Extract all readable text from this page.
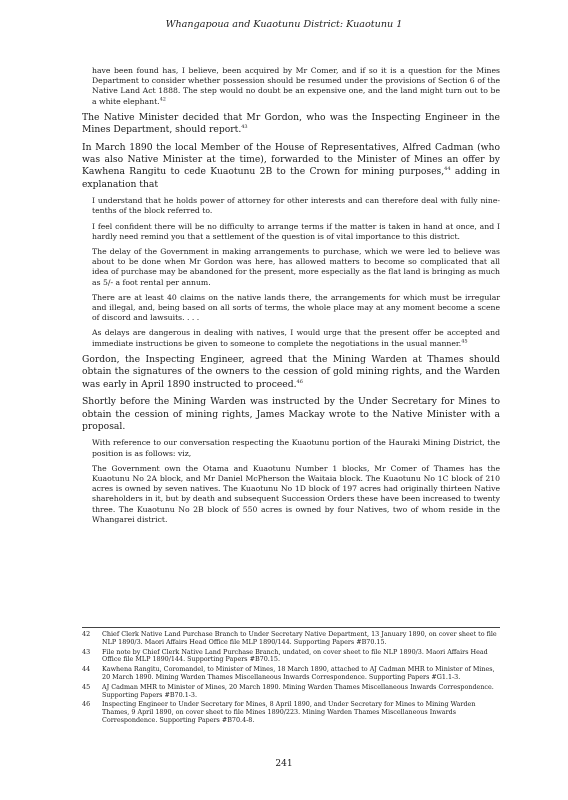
Whangapoua and Kuaotunu District: Kuaotunu 1

have been found has, I believe, been acquired by Mr Comer, and if so it is a question for the Mines Department to consider whether possession should be resumed under the provisions of Section 6 of the Native Land Act 1888. The step would no doubt be an expensive one, and the land might turn out to be a white elephant.$^{42}$

The Native Minister decided that Mr Gordon, who was the Inspecting Engineer in the Mines Department, should report.$^{43}$

In March 1890 the local Member of the House of Representatives, Alfred Cadman (who was also Native Minister at the time), forwarded to the Minister of Mines an offer by Kawhena Rangitu to cede Kuaotunu 2B to the Crown for mining purposes,$^{44}$ adding in explanation that

I understand that he holds power of attorney for other interests and can therefore deal with fully nine-tenths of the block referred to.

I feel confident there will be no difficulty to arrange terms if the matter is taken in hand at once, and I hardly need remind you that a settlement of the question is of vital importance to this district.

The delay of the Government in making arrangements to purchase, which we were led to believe was about to be done when Mr Gordon was here, has allowed matters to become so complicated that all idea of purchase may be abandoned for the present, more especially as the flat land is bringing as much as 5/- a foot rental per annum.

There are at least 40 claims on the native lands there, the arrangements for which must be irregular and illegal, and, being based on all sorts of terms, the whole place may at any moment become a scene of discord and lawsuits. . . .

As delays are dangerous in dealing with natives, I would urge that the present offer be accepted and immediate instructions be given to someone to complete the negotiations in the usual manner.$^{45}$

Gordon, the Inspecting Engineer, agreed that the Mining Warden at Thames should obtain the signatures of the owners to the cession of gold mining rights, and the Warden was early in April 1890 instructed to proceed.$^{46}$

Shortly before the Mining Warden was instructed by the Under Secretary for Mines to obtain the cession of mining rights, James Mackay wrote to the Native Minister with a proposal.

With reference to our conversation respecting the Kuaotunu portion of the Hauraki Mining District, the position is as follows: viz,

The Government own the Otama and Kuaotunu Number 1 blocks, Mr Comer of Thames has the Kuaotunu No 2A block, and Mr Daniel McPherson the Waitaia block. The Kuaotunu No 1C block of 210 acres is owned by seven natives. The Kuaotunu No 1D block of 197 acres had originally thirteen Native shareholders in it, but by death and subsequent Succession Orders these have been increased to twenty three. The Kuaotunu No 2B block of 550 acres is owned by four Natives, two of whom reside in the Whangarei district.

42	Chief Clerk Native Land Purchase Branch to Under Secretary Native Department, 13 January 1890, on cover sheet to file NLP 1890/3. Maori Affairs Head Office file MLP 1890/144. Supporting Papers #B70.15.
43	File note by Chief Clerk Native Land Purchase Branch, undated, on cover sheet to file NLP 1890/3. Maori Affairs Head Office file MLP 1890/144. Supporting Papers #B70.15.
44	Kawhena Rangitu, Coromandel, to Minister of Mines, 18 March 1890, attached to AJ Cadman MHR to Minister of Mines, 20 March 1890. Mining Warden Thames Miscellaneous Inwards Correspondence. Supporting Papers #G1.1-3.
45	AJ Cadman MHR to Minister of Mines, 20 March 1890. Mining Warden Thames Miscellaneous Inwards Correspondence. Supporting Papers #B70.1-3.
46	Inspecting Engineer to Under Secretary for Mines, 8 April 1890, and Under Secretary for Mines to Mining Warden Thames, 9 April 1890, on cover sheet to file Mines 1890/223. Mining Warden Thames Miscellaneous Inwards Correspondence. Supporting Papers #B70.4-8.
241
